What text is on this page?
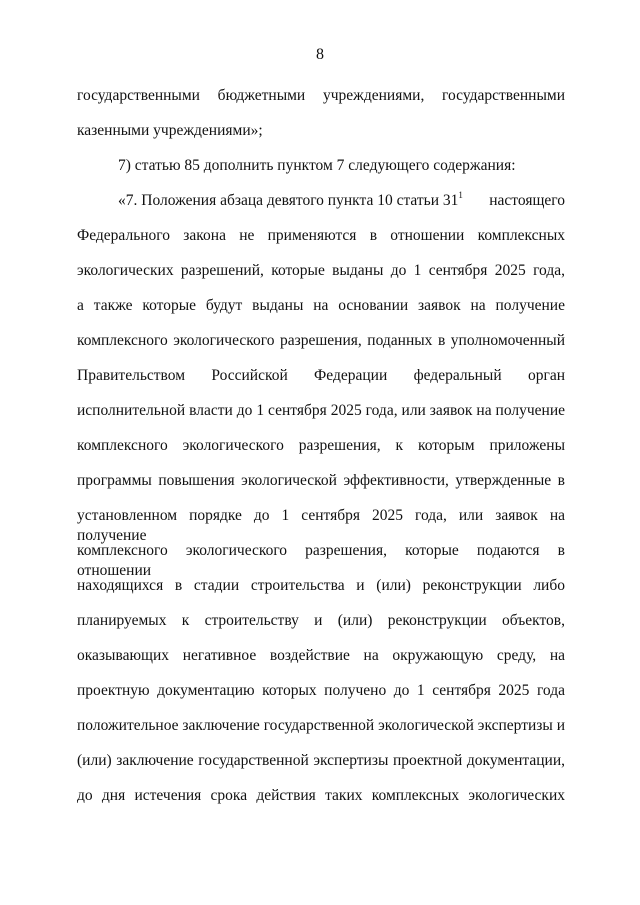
8
государственными бюджетными учреждениями, государственными
казенными учреждениями»;
7) статью 85 дополнить пунктом 7 следующего содержания:
«7. Положения абзаца девятого пункта 10 статьи $31^1$ настоящего
Федерального закона не применяются в отношении комплексных
экологических разрешений, которые выданы до 1 сентября 2025 года,
а также которые будут выданы на основании заявок на получение
комплексного экологического разрешения, поданных в уполномоченный
Правительством Российской Федерации федеральный орган
исполнительной власти до 1 сентября 2025 года, или заявок на получение
комплексного экологического разрешения, к которым приложены
программы повышения экологической эффективности, утвержденные в
установленном порядке до 1 сентября 2025 года, или заявок на получение
комплексного экологического разрешения, которые подаются в отношении
находящихся в стадии строительства и (или) реконструкции либо
планируемых к строительству и (или) реконструкции объектов,
оказывающих негативное воздействие на окружающую среду, на
проектную документацию которых получено до 1 сентября 2025 года
положительное заключение государственной экологической экспертизы и
(или) заключение государственной экспертизы проектной документации,
до дня истечения срока действия таких комплексных экологических
